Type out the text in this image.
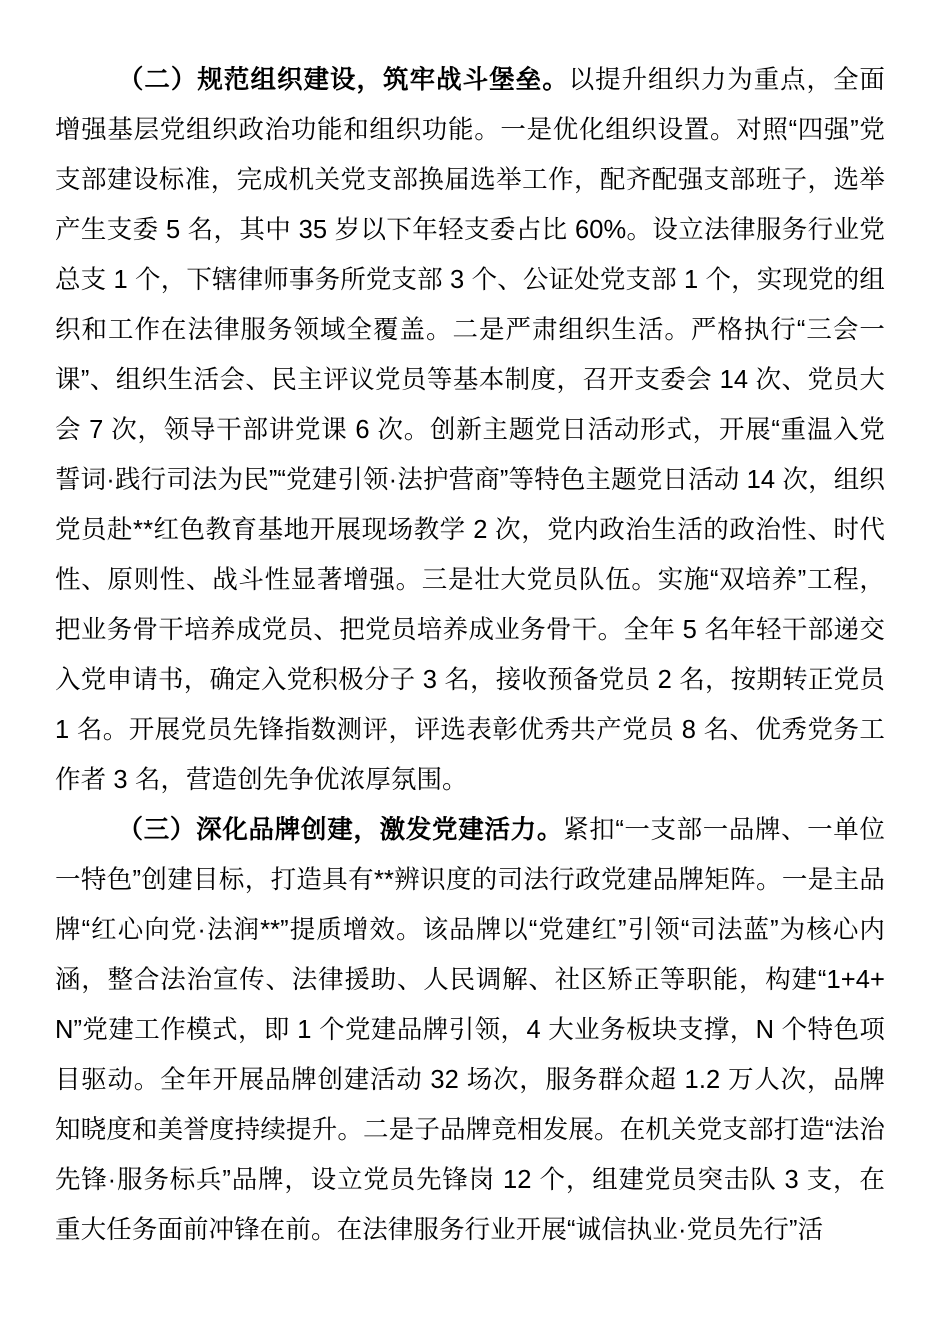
（二）规范组织建设，筑牢战斗堡垒。以提升组织力为重点，全面增强基层党组织政治功能和组织功能。一是优化组织设置。对照“四强”党支部建设标准，完成机关党支部换届选举工作，配齐配强支部班子，选举产生支委 5 名，其中 35 岁以下年轻支委占比 60%。设立法律服务行业党总支 1 个，下辖律师事务所党支部 3 个、公证处党支部 1 个，实现党的组织和工作在法律服务领域全覆盖。二是严肃组织生活。严格执行“三会一课”、组织生活会、民主评议党员等基本制度，召开支委会 14 次、党员大会 7 次，领导干部讲党课 6 次。创新主题党日活动形式，开展“重温入党誓词·践行司法为民”“党建引领·法护营商”等特色主题党日活动 14 次，组织党员赴**红色教育基地开展现场教学 2 次，党内政治生活的政治性、时代性、原则性、战斗性显著增强。三是壮大党员队伍。实施“双培养”工程，把业务骨干培养成党员、把党员培养成业务骨干。全年 5 名年轻干部递交入党申请书，确定入党积极分子 3 名，接收预备党员 2 名，按期转正党员 1 名。开展党员先锋指数测评，评选表彰优秀共产党员 8 名、优秀党务工作者 3 名，营造创先争优浓厚氛围。

（三）深化品牌创建，激发党建活力。紧扣“一支部一品牌、一单位一特色”创建目标，打造具有**辨识度的司法行政党建品牌矩阵。一是主品牌“红心向党·法润**”提质增效。该品牌以“党建红”引领“司法蓝”为核心内涵，整合法治宣传、法律援助、人民调解、社区矫正等职能，构建“1+4+N”党建工作模式，即 1 个党建品牌引领，4 大业务板块支撑，N 个特色项目驱动。全年开展品牌创建活动 32 场次，服务群众超 1.2 万人次，品牌知晓度和美誉度持续提升。二是子品牌竞相发展。在机关党支部打造“法治先锋·服务标兵”品牌，设立党员先锋岗 12 个，组建党员突击队 3 支，在重大任务面前冲锋在前。在法律服务行业开展“诚信执业·党员先行”活
